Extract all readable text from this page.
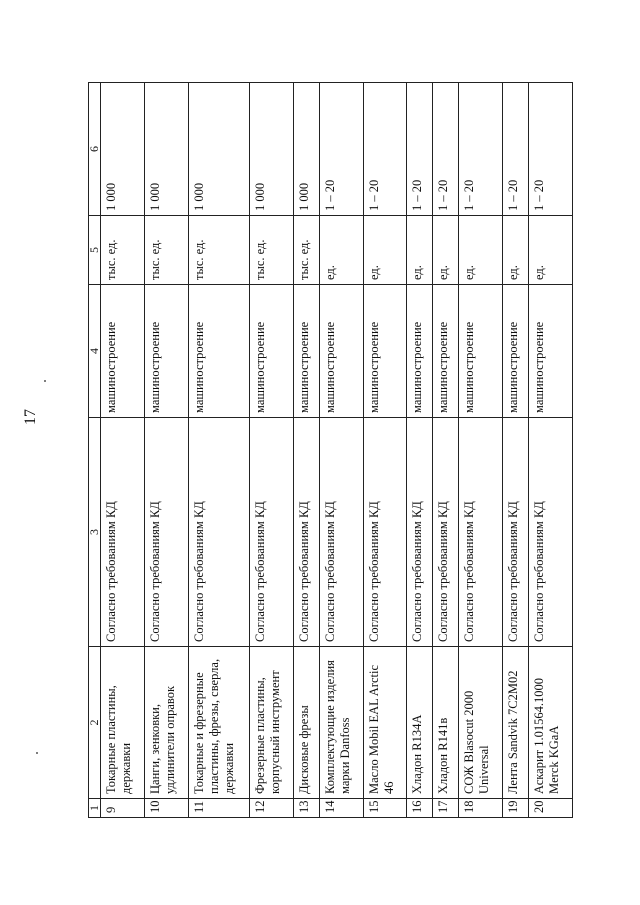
17
1	2	3	4	5	6
9	Токарные пластины, державки	Согласно требованиям КД	машиностроение	тыс. ед.	1 000
10	Цанги, зенковки, удлинители оправок	Согласно требованиям КД	машиностроение	тыс. ед.	1 000
11	Токарные и фрезерные пластины, фрезы, сверла, державки	Согласно требованиям КД	машиностроение	тыс. ед.	1 000
12	Фрезерные пластины, корпусный инструмент	Согласно требованиям КД	машиностроение	тыс. ед.	1 000
13	Дисковые фрезы	Согласно требованиям КД	машиностроение	тыс. ед.	1 000
14	Комплектующие изделия марки Danfoss	Согласно требованиям КД	машиностроение	ед.	1 – 20
15	Масло Mobil EAL Arctic 46	Согласно требованиям КД	машиностроение	ед.	1 – 20
16	Хладон R134A	Согласно требованиям КД	машиностроение	ед.	1 – 20
17	Хладон R141в	Согласно требованиям КД	машиностроение	ед.	1 – 20
18	СОЖ Blasocut 2000 Universal	Согласно требованиям КД	машиностроение	ед.	1 – 20
19	Лента Sandvik 7C2M02	Согласно требованиям КД	машиностроение	ед.	1 – 20
20	Аскарит 1.01564.1000 Merck KGaA	Согласно требованиям КД	машиностроение	ед.	1 – 20
